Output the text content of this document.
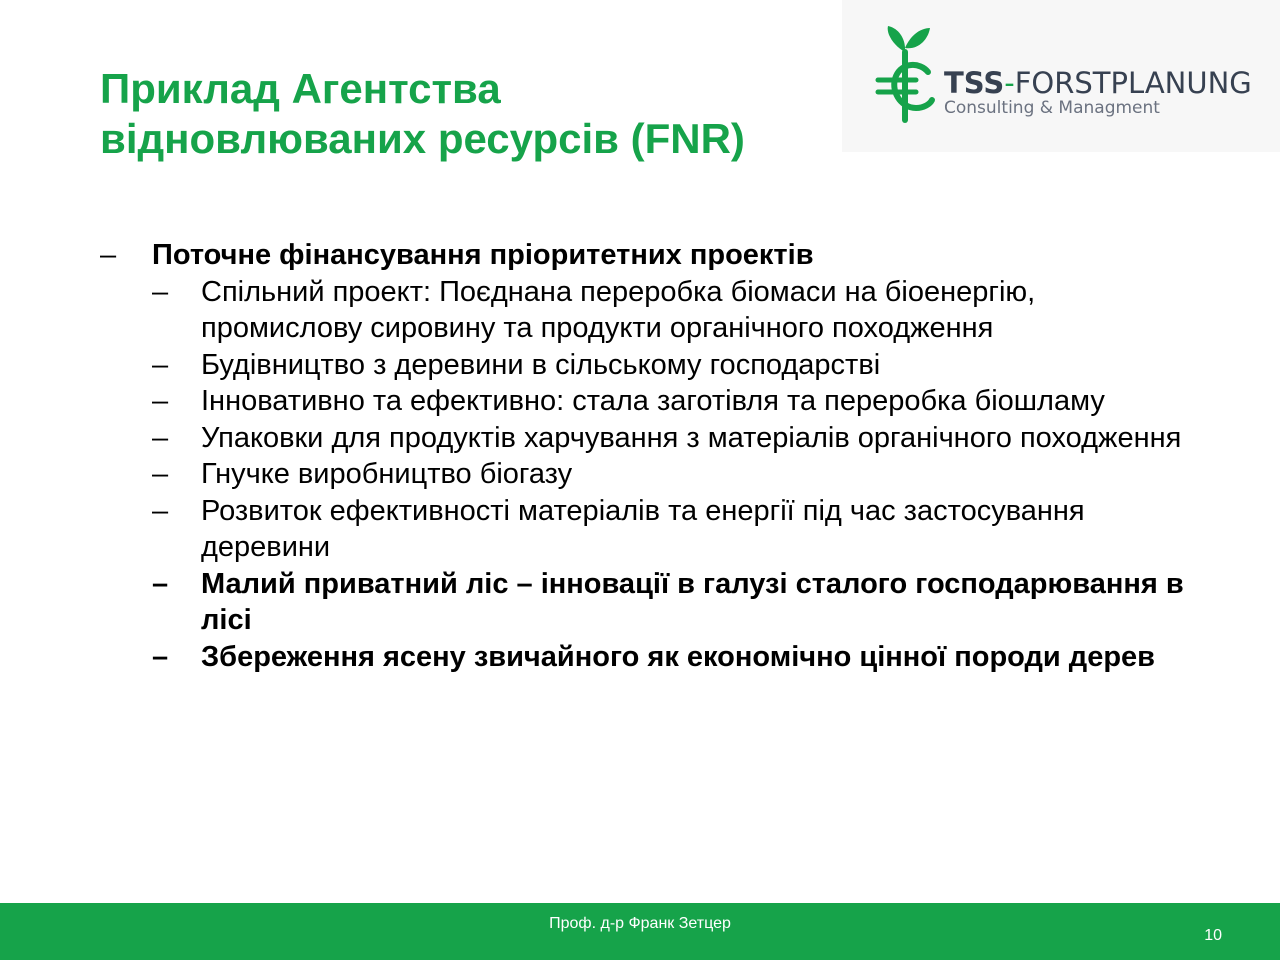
Приклад Агентства
відновлюваних ресурсів (FNR)
TSS-FORSTPLANUNG
Consulting & Managment
– Поточне фінансування пріоритетних проектів
– Спільний проект: Поєднана переробка біомаси на біоенергію, промислову сировину та продукти органічного походження
– Будівництво з деревини в сільському господарстві
– Інновативно та ефективно: стала заготівля та переробка біошламу
– Упаковки для продуктів харчування з матеріалів органічного походження
– Гнучке виробництво біогазу
– Розвиток ефективності матеріалів та енергії під час застосування деревини
– Малий приватний ліс – інновації в галузі сталого господарювання в лісі
– Збереження ясену звичайного як економічно цінної породи дерев
Проф. д-р Франк Зетцер
10
